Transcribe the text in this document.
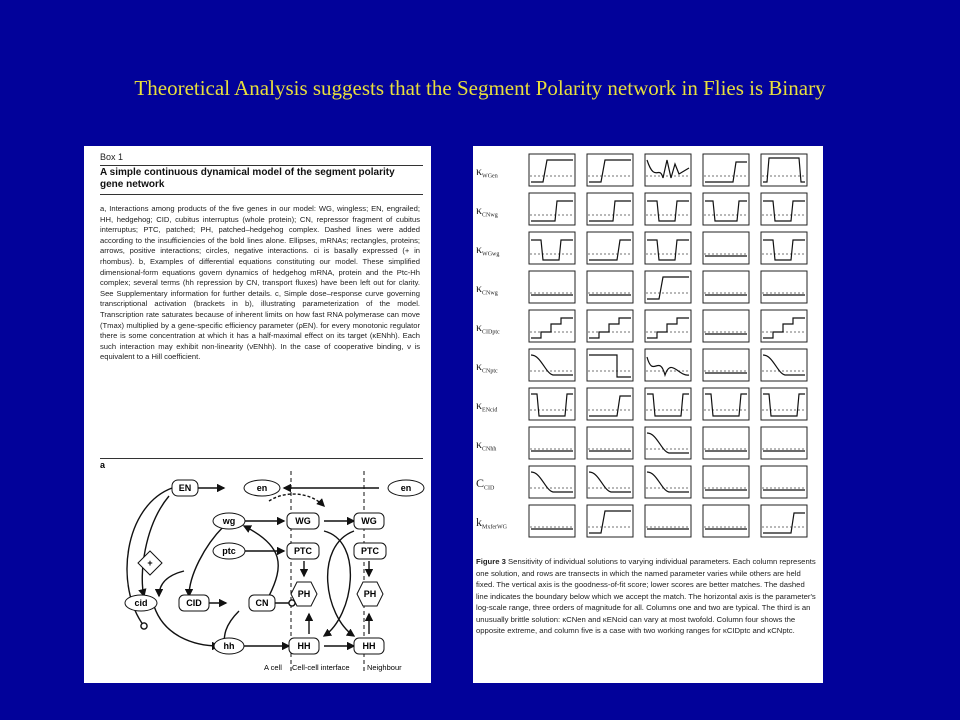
Theoretical Analysis suggests that the Segment Polarity network in Flies is Binary
Box 1
A simple continuous dynamical model of the segment polarity gene network
a, Interactions among products of the five genes in our model: WG, wingless; EN, engrailed; HH, hedgehog; CID, cubitus interruptus (whole protein); CN, repressor fragment of cubitus interruptus; PTC, patched; PH, patched–hedgehog complex. Dashed lines were added according to the insufficiencies of the bold lines alone. Ellipses, mRNAs; rectangles, proteins; arrows, positive interactions; circles, negative interactions. ci is basally expressed (+ in rhombus). b, Examples of differential equations constituting our model. These simplified dimensional-form equations govern dynamics of hedgehog mRNA, protein and the Ptc-Hh complex; several terms (hh repression by CN, transport fluxes) have been left out for clarity. See Supplementary information for further details. c, Simple dose–response curve governing transcriptional activation (brackets in b), illustrating parameterization of the model. Transcription rate saturates because of inherent limits on how fast RNA polymerase can move (Tmax) multiplied by a gene-specific efficiency parameter (ρEN). for every monotonic regulator there is some concentration at which it has a half-maximal effect on its target (κENhh). Each such interaction may exhibit non-linearity (νENhh). In the case of cooperative binding, ν is equivalent to a Hill coefficient.
a
en	en
EN
wg	WG	WG
+
ptc	PTC	PTC
cid	CID	CN
PH	PH
hh	HH	HH
A cell Cell-cell interface Neighbour
$\kappa_{WGen}$
$\kappa_{CNwg}$
$\kappa_{WGwg}$
$\kappa_{CNwg}$
$\kappa_{CIDptc}$
$\kappa_{CNptc}$
$\kappa_{ENcid}$
$\kappa_{CNhh}$
$C_{CID}$
$k_{MxferWG}$
Figure 3 Sensitivity of individual solutions to varying individual parameters. Each column represents one solution, and rows are transects in which the named parameter varies while others are held fixed. The vertical axis is the goodness-of-fit score; lower scores are better matches. The dashed line indicates the boundary below which we accept the match. The horizontal axis is the parameter's log-scale range, three orders of magnitude for all. Columns one and two are typical. The third is an unusually brittle solution: κCNen and κENcid can vary at most twofold. Column four shows the opposite extreme, and column five is a case with two working ranges for κCIDptc and κCNptc.
